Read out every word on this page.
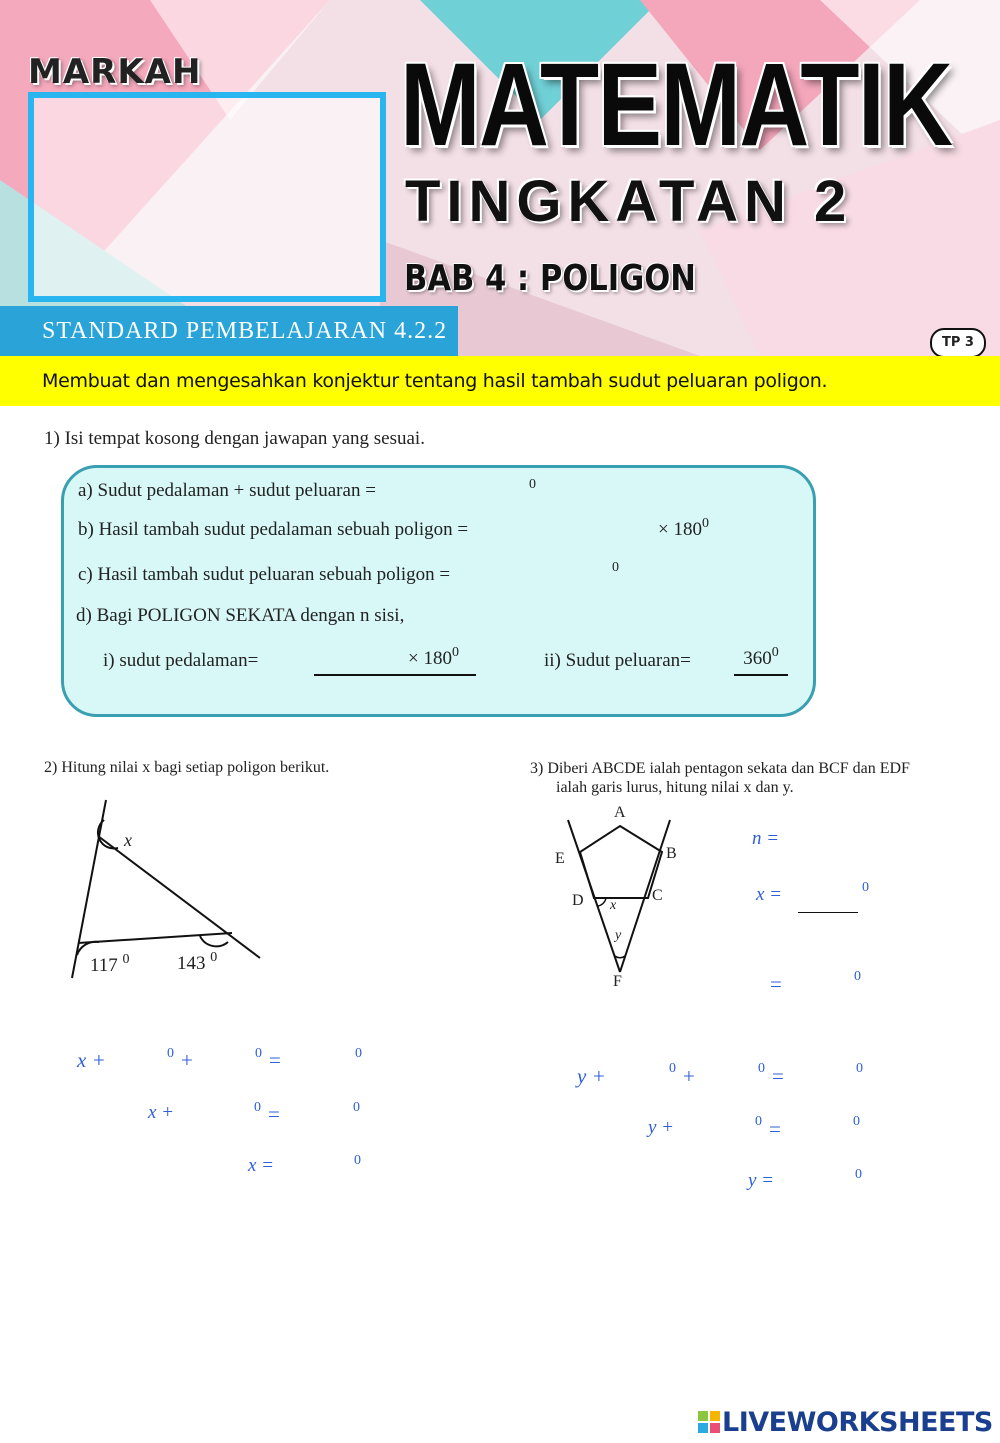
MARKAH MATEMATIK
TINGKATAN 2
BAB 4 : POLIGON
STANDARD PEMBELAJARAN 4.2.2	TP 3
Membuat dan mengesahkan konjektur tentang hasil tambah sudut peluaran poligon.
1) Isi tempat kosong dengan jawapan yang sesuai.
a) Sudut pedalaman + sudut peluaran =	0
b) Hasil tambah sudut pedalaman sebuah poligon =	× $180^0$
c) Hasil tambah sudut peluaran sebuah poligon =	0
d) Bagi POLIGON SEKATA dengan n sisi,
i) sudut pedalaman=	× $180^0$	ii) Sudut peluaran=	$360^0$
2) Hitung nilai x bagi setiap poligon berikut.
x
117 $^0$ 143 $^0$
x +	0 +	0 =	0
x +	0 =	0
x =	0
3) Diberi ABCDE ialah pentagon sekata dan BCF dan EDF
ialah garis lurus, hitung nilai x dan y.
A
B
C
D
E
F
x
y
n =
x =	0
=	0
y +	0 +	0 =	0
y +	0 =	0
y =	0
LIVEWORKSHEETS
